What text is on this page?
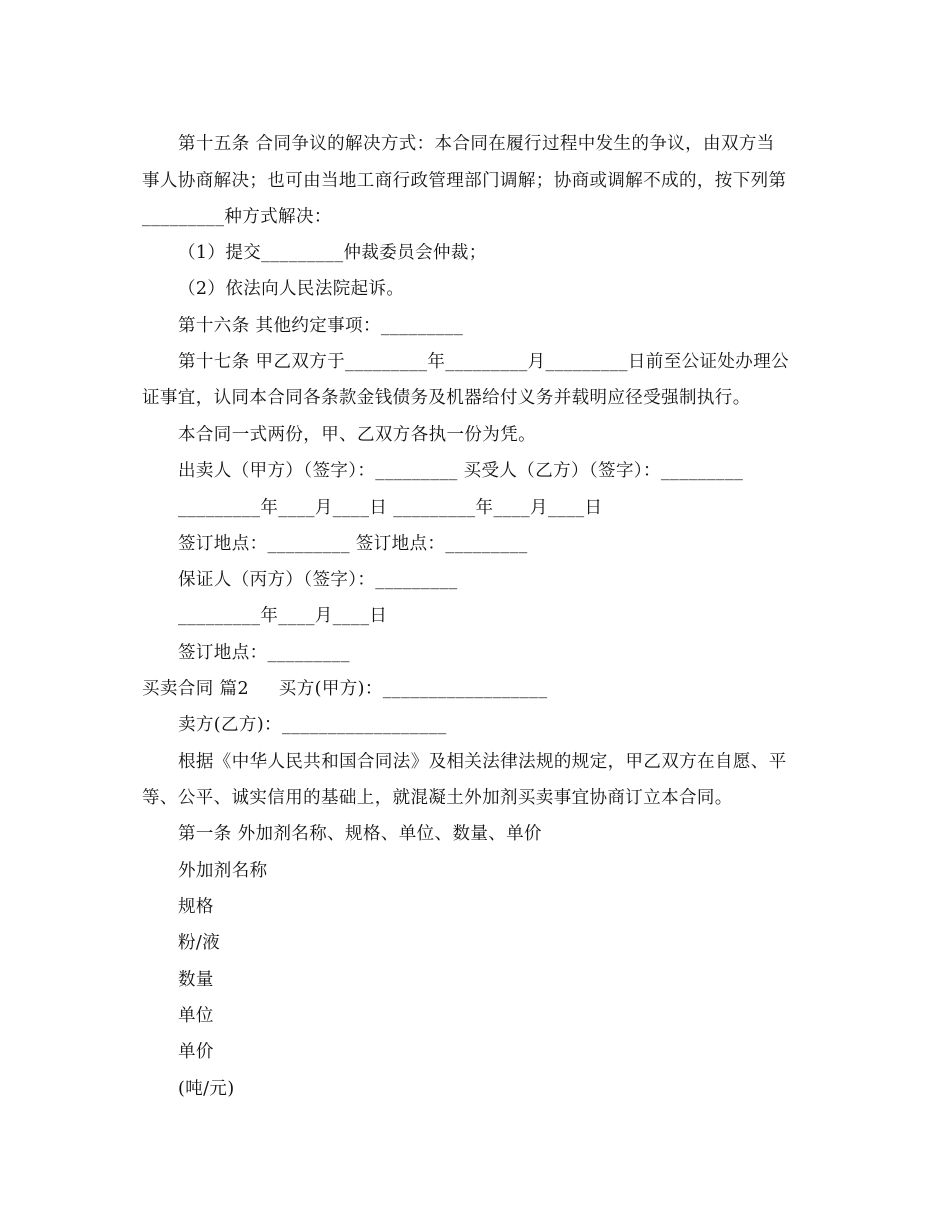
第十五条 合同争议的解决方式：本合同在履行过程中发生的争议，由双方当
事人协商解决；也可由当地工商行政管理部门调解；协商或调解不成的，按下列第
_________种方式解决：
（1）提交_________仲裁委员会仲裁；
（2）依法向人民法院起诉。
第十六条 其他约定事项：_________
第十七条 甲乙双方于_________年_________月_________日前至公证处办理公
证事宜，认同本合同各条款金钱债务及机器给付义务并载明应径受强制执行。
本合同一式两份，甲、乙双方各执一份为凭。
出卖人（甲方）（签字）：_________ 买受人（乙方）（签字）：_________
_________年____月____日 _________年____月____日
签订地点：_________ 签订地点：_________
保证人（丙方）（签字）：_________
_________年____月____日
签订地点：_________
买卖合同 篇2     买方(甲方)：__________________
卖方(乙方)：__________________
根据《中华人民共和国合同法》及相关法律法规的规定，甲乙双方在自愿、平
等、公平、诚实信用的基础上，就混凝土外加剂买卖事宜协商订立本合同。
第一条 外加剂名称、规格、单位、数量、单价
外加剂名称
规格
粉/液
数量
单位
单价
(吨/元)
